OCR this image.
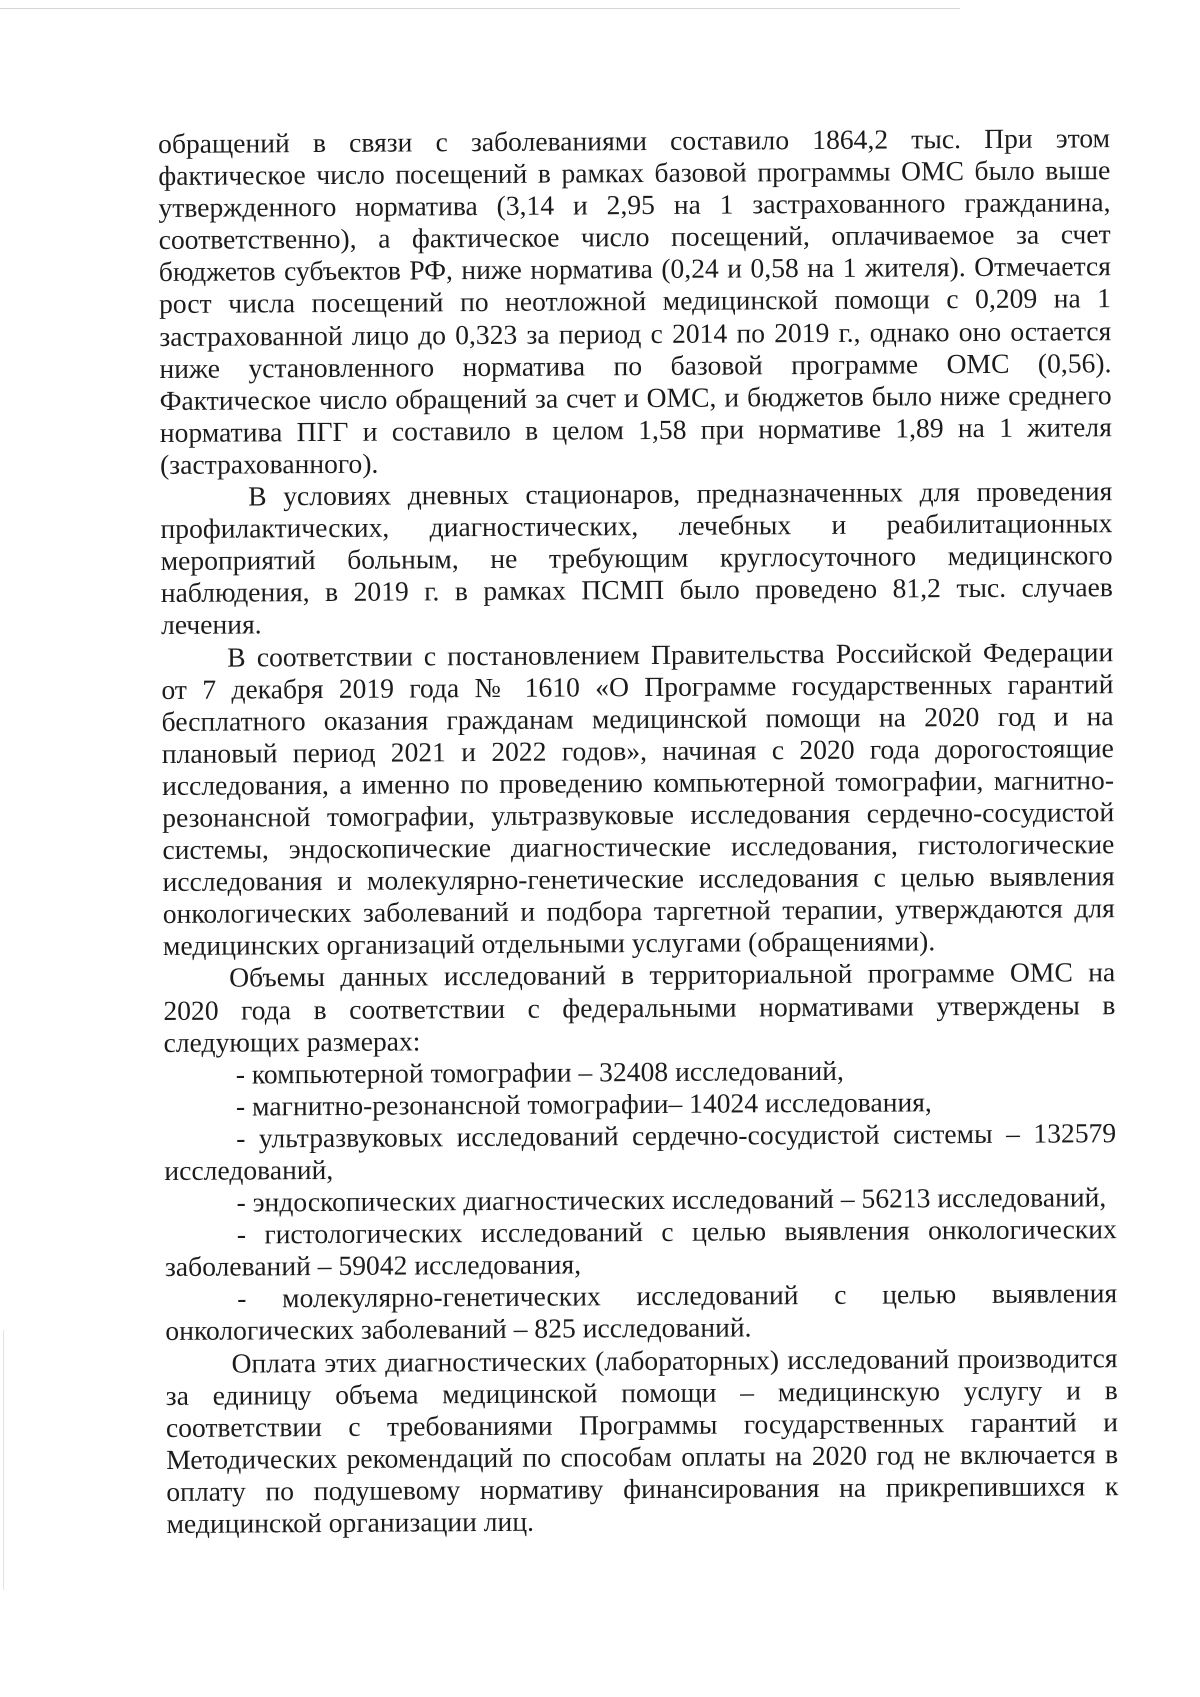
обращений в связи с заболеваниями составило 1864,2 тыс. При этом фактическое число посещений в рамках базовой программы ОМС было выше утвержденного норматива (3,14 и 2,95 на 1 застрахованного гражданина, соответственно), а фактическое число посещений, оплачиваемое за счет бюджетов субъектов РФ, ниже норматива (0,24 и 0,58 на 1 жителя). Отмечается рост числа посещений по неотложной медицинской помощи с 0,209 на 1 застрахованной лицо до 0,323 за период с 2014 по 2019 г., однако оно остается ниже установленного норматива по базовой программе ОМС (0,56). Фактическое число обращений за счет и ОМС, и бюджетов было ниже среднего норматива ПГГ и составило в целом 1,58 при нормативе 1,89 на 1 жителя (застрахованного).

В условиях дневных стационаров, предназначенных для проведения профилактических, диагностических, лечебных и реабилитационных мероприятий больным, не требующим круглосуточного медицинского наблюдения, в 2019 г. в рамках ПСМП было проведено 81,2 тыс. случаев лечения.

В соответствии с постановлением Правительства Российской Федерации от 7 декабря 2019 года № 1610 «О Программе государственных гарантий бесплатного оказания гражданам медицинской помощи на 2020 год и на плановый период 2021 и 2022 годов», начиная с 2020 года дорогостоящие исследования, а именно по проведению компьютерной томографии, магнитно-резонансной томографии, ультразвуковые исследования сердечно-сосудистой системы, эндоскопические диагностические исследования, гистологические исследования и молекулярно-генетические исследования с целью выявления онкологических заболеваний и подбора таргетной терапии, утверждаются для медицинских организаций отдельными услугами (обращениями).

Объемы данных исследований в территориальной программе ОМС на 2020 года в соответствии с федеральными нормативами утверждены в следующих размерах:

- компьютерной томографии – 32408 исследований,

- магнитно-резонансной томографии– 14024 исследования,

- ультразвуковых исследований сердечно-сосудистой системы – 132579 исследований,

- эндоскопических диагностических исследований – 56213 исследований,

- гистологических исследований с целью выявления онкологических заболеваний – 59042 исследования,

- молекулярно-генетических исследований с целью выявления онкологических заболеваний – 825 исследований.

Оплата этих диагностических (лабораторных) исследований производится за единицу объема медицинской помощи – медицинскую услугу и в соответствии с требованиями Программы государственных гарантий и Методических рекомендаций по способам оплаты на 2020 год не включается в оплату по подушевому нормативу финансирования на прикрепившихся к медицинской организации лиц.
